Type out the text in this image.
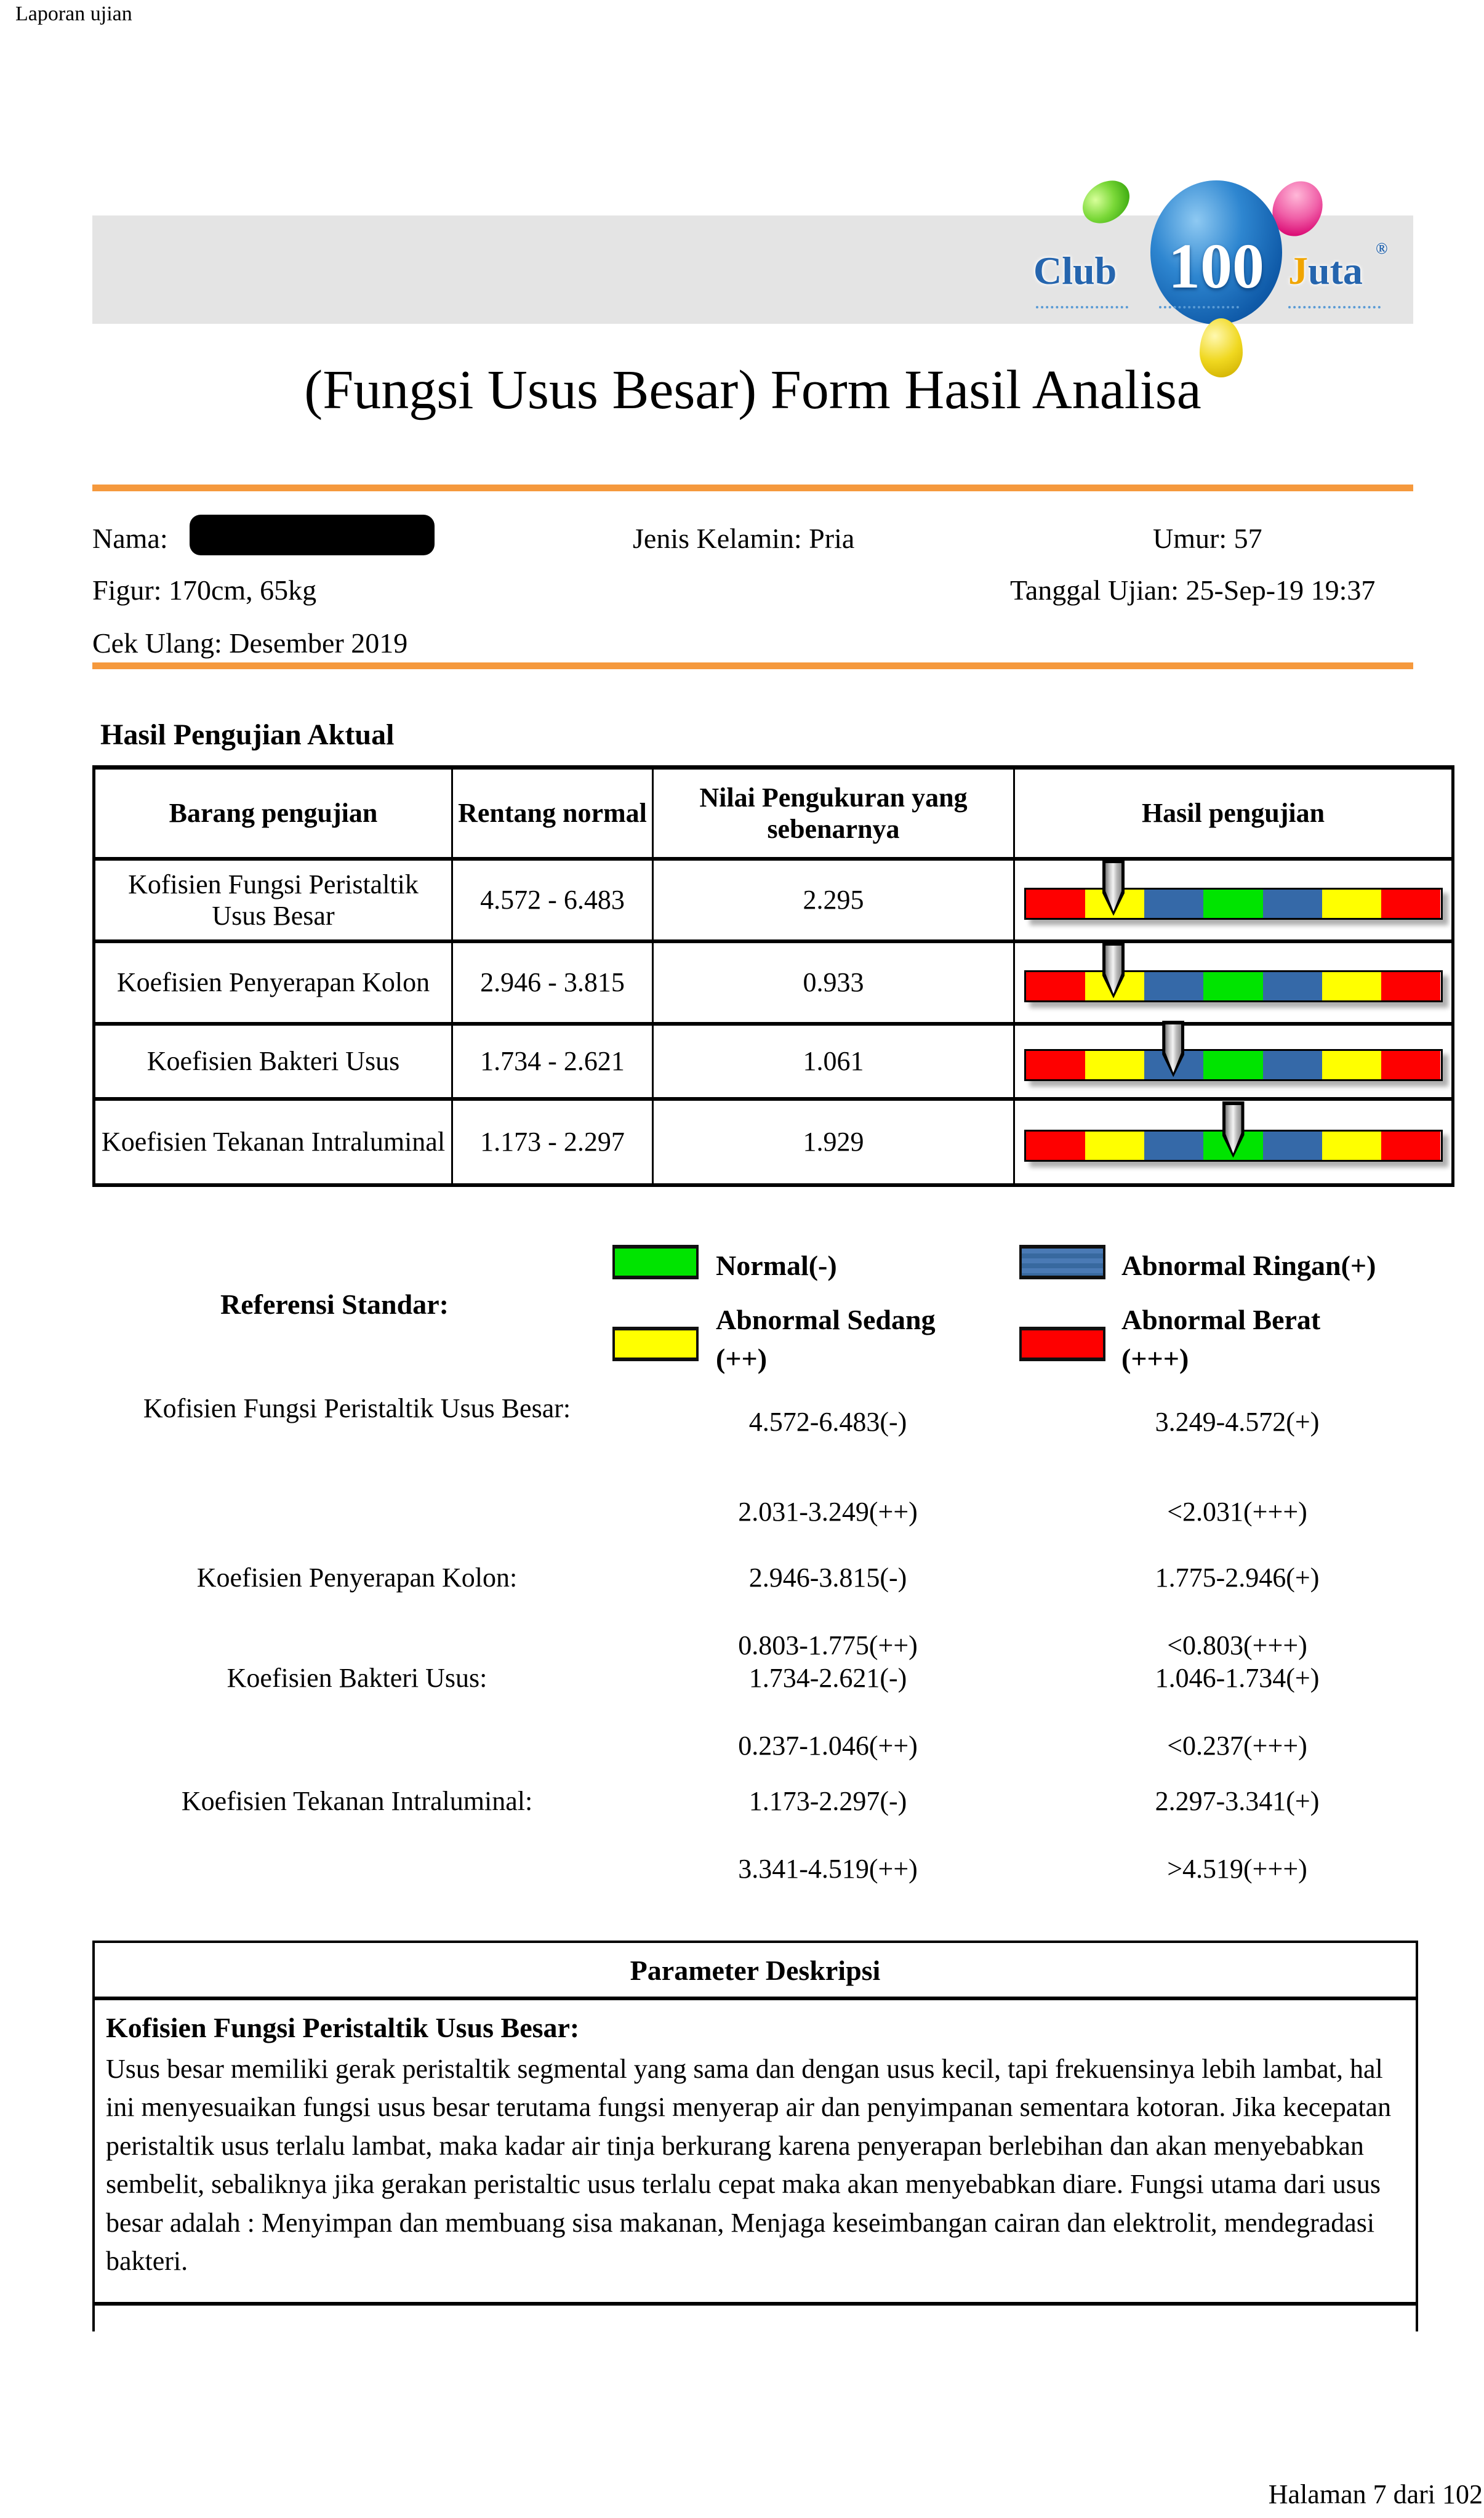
Laporan ujian
100
Club	Juta
®
(Fungsi Usus Besar) Form Hasil Analisa
Nama:	Jenis Kelamin: Pria	Umur: 57
Figur: 170cm, 65kg	Tanggal Ujian: 25-Sep-19 19:37
Cek Ulang: Desember 2019
Hasil Pengujian Aktual
Barang pengujian	Rentang normal	Nilai Pengukuran yang sebenarnya	Hasil pengujian
Kofisien Fungsi Peristaltik Usus Besar	4.572 - 6.483	2.295	

Koefisien Penyerapan Kolon	2.946 - 3.815	0.933	

Koefisien Bakteri Usus	1.734 - 2.621	1.061	

Koefisien Tekanan Intraluminal	1.173 - 2.297	1.929	
Referensi Standar:
Normal(-)	Abnormal Ringan(+)
Abnormal Sedang (++)
Abnormal Berat (+++)
Kofisien Fungsi Peristaltik Usus Besar:	4.572-6.483(-)	3.249-4.572(+)
2.031-3.249(++)	<2.031(+++)
Koefisien Penyerapan Kolon:	2.946-3.815(-)	1.775-2.946(+)
0.803-1.775(++)	<0.803(+++)
Koefisien Bakteri Usus:	1.734-2.621(-)	1.046-1.734(+)
0.237-1.046(++)	<0.237(+++)
Koefisien Tekanan Intraluminal:	1.173-2.297(-)	2.297-3.341(+)
3.341-4.519(++)	>4.519(+++)
Parameter Deskripsi
Kofisien Fungsi Peristaltik Usus Besar:
Usus besar memiliki gerak peristaltik segmental yang sama dan dengan usus kecil, tapi frekuensinya lebih lambat, hal ini menyesuaikan fungsi usus besar terutama fungsi menyerap air dan penyimpanan sementara kotoran. Jika kecepatan peristaltik usus terlalu lambat, maka kadar air tinja berkurang karena penyerapan berlebihan dan akan menyebabkan sembelit, sebaliknya jika gerakan peristaltic usus terlalu cepat maka akan menyebabkan diare. Fungsi utama dari usus besar adalah : Menyimpan dan membuang sisa makanan, Menjaga keseimbangan cairan dan elektrolit, mendegradasi bakteri.
Halaman 7 dari 102
